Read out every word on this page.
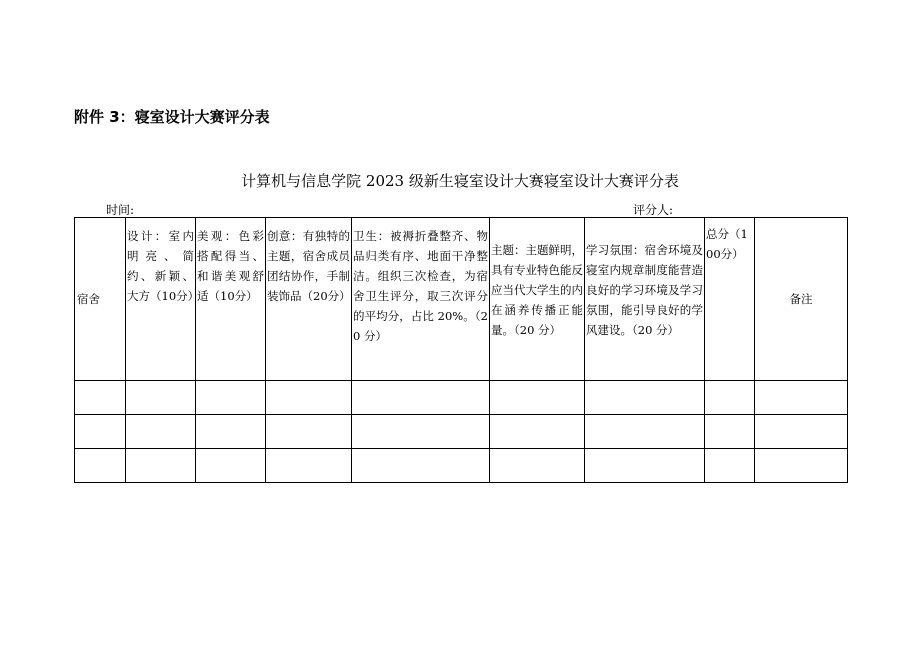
附件 3：寝室设计大赛评分表
计算机与信息学院 2023 级新生寝室设计大赛寝室设计大赛评分表
时间:	评分人:
宿舍	设计：室内明亮、简约、新颖、大方（10分）	美观：色彩搭配得当、和谐美观舒适（10分）	创意：有独特的主题，宿舍成员团结协作，手制装饰品（20分）	卫生：被褥折叠整齐、物品归类有序、地面干净整洁。组织三次检查，为宿舍卫生评分，取三次评分的平均分，占比 20%。（20 分）	主题：主题鲜明，具有专业特色能反应当代大学生的内在涵养传播正能量。（20 分）	学习氛围：宿舍环境及寝室内规章制度能营造良好的学习环境及学习氛围，能引导良好的学风建设。（20 分）	总分（100分）	备注
